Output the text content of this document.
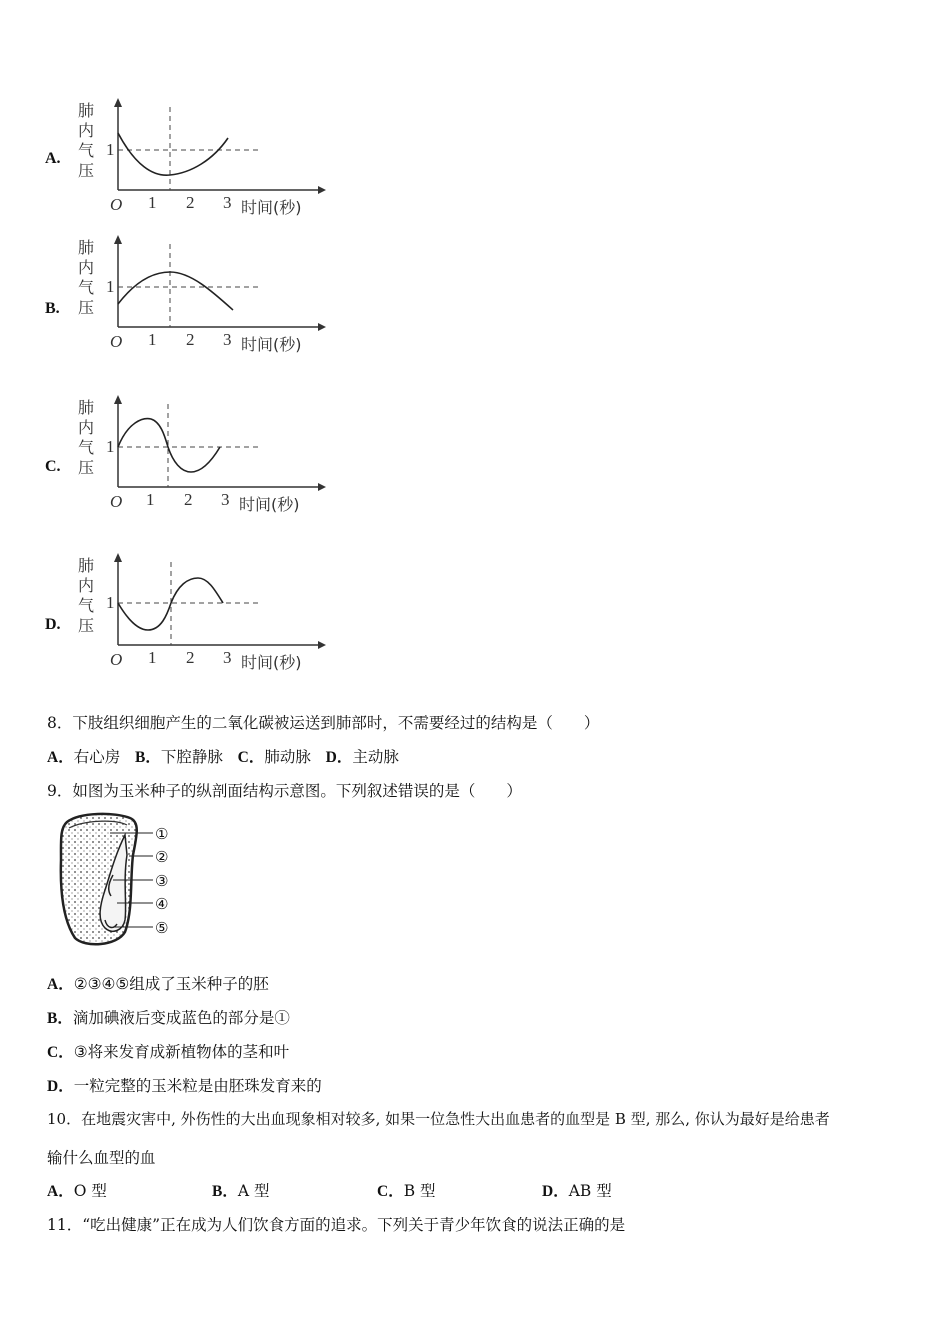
A.
肺内气压
1
O 1 2 3 时间(秒)
B.
肺内气压
1
O 1 2 3 时间(秒)
C.
肺内气压
1
O 1 2 3 时间(秒)
D.
肺内气压
1
O 1 2 3 时间(秒)
8．下肢组织细胞产生的二氧化碳被运送到肺部时，不需要经过的结构是（　　）
A．右心房 B．下腔静脉 C．肺动脉 D．主动脉
9．如图为玉米种子的纵剖面结构示意图。下列叙述错误的是（　　）
①
②
③
④
⑤
A．②③④⑤组成了玉米种子的胚
B．滴加碘液后变成蓝色的部分是①
C．③将来发育成新植物体的茎和叶
D．一粒完整的玉米粒是由胚珠发育来的
10．在地震灾害中, 外伤性的大出血现象相对较多, 如果一位急性大出血患者的血型是 B 型, 那么, 你认为最好是给患者
输什么血型的血
A．O 型	B．A 型	C．B 型	D．AB 型
11．“吃出健康”正在成为人们饮食方面的追求。下列关于青少年饮食的说法正确的是
